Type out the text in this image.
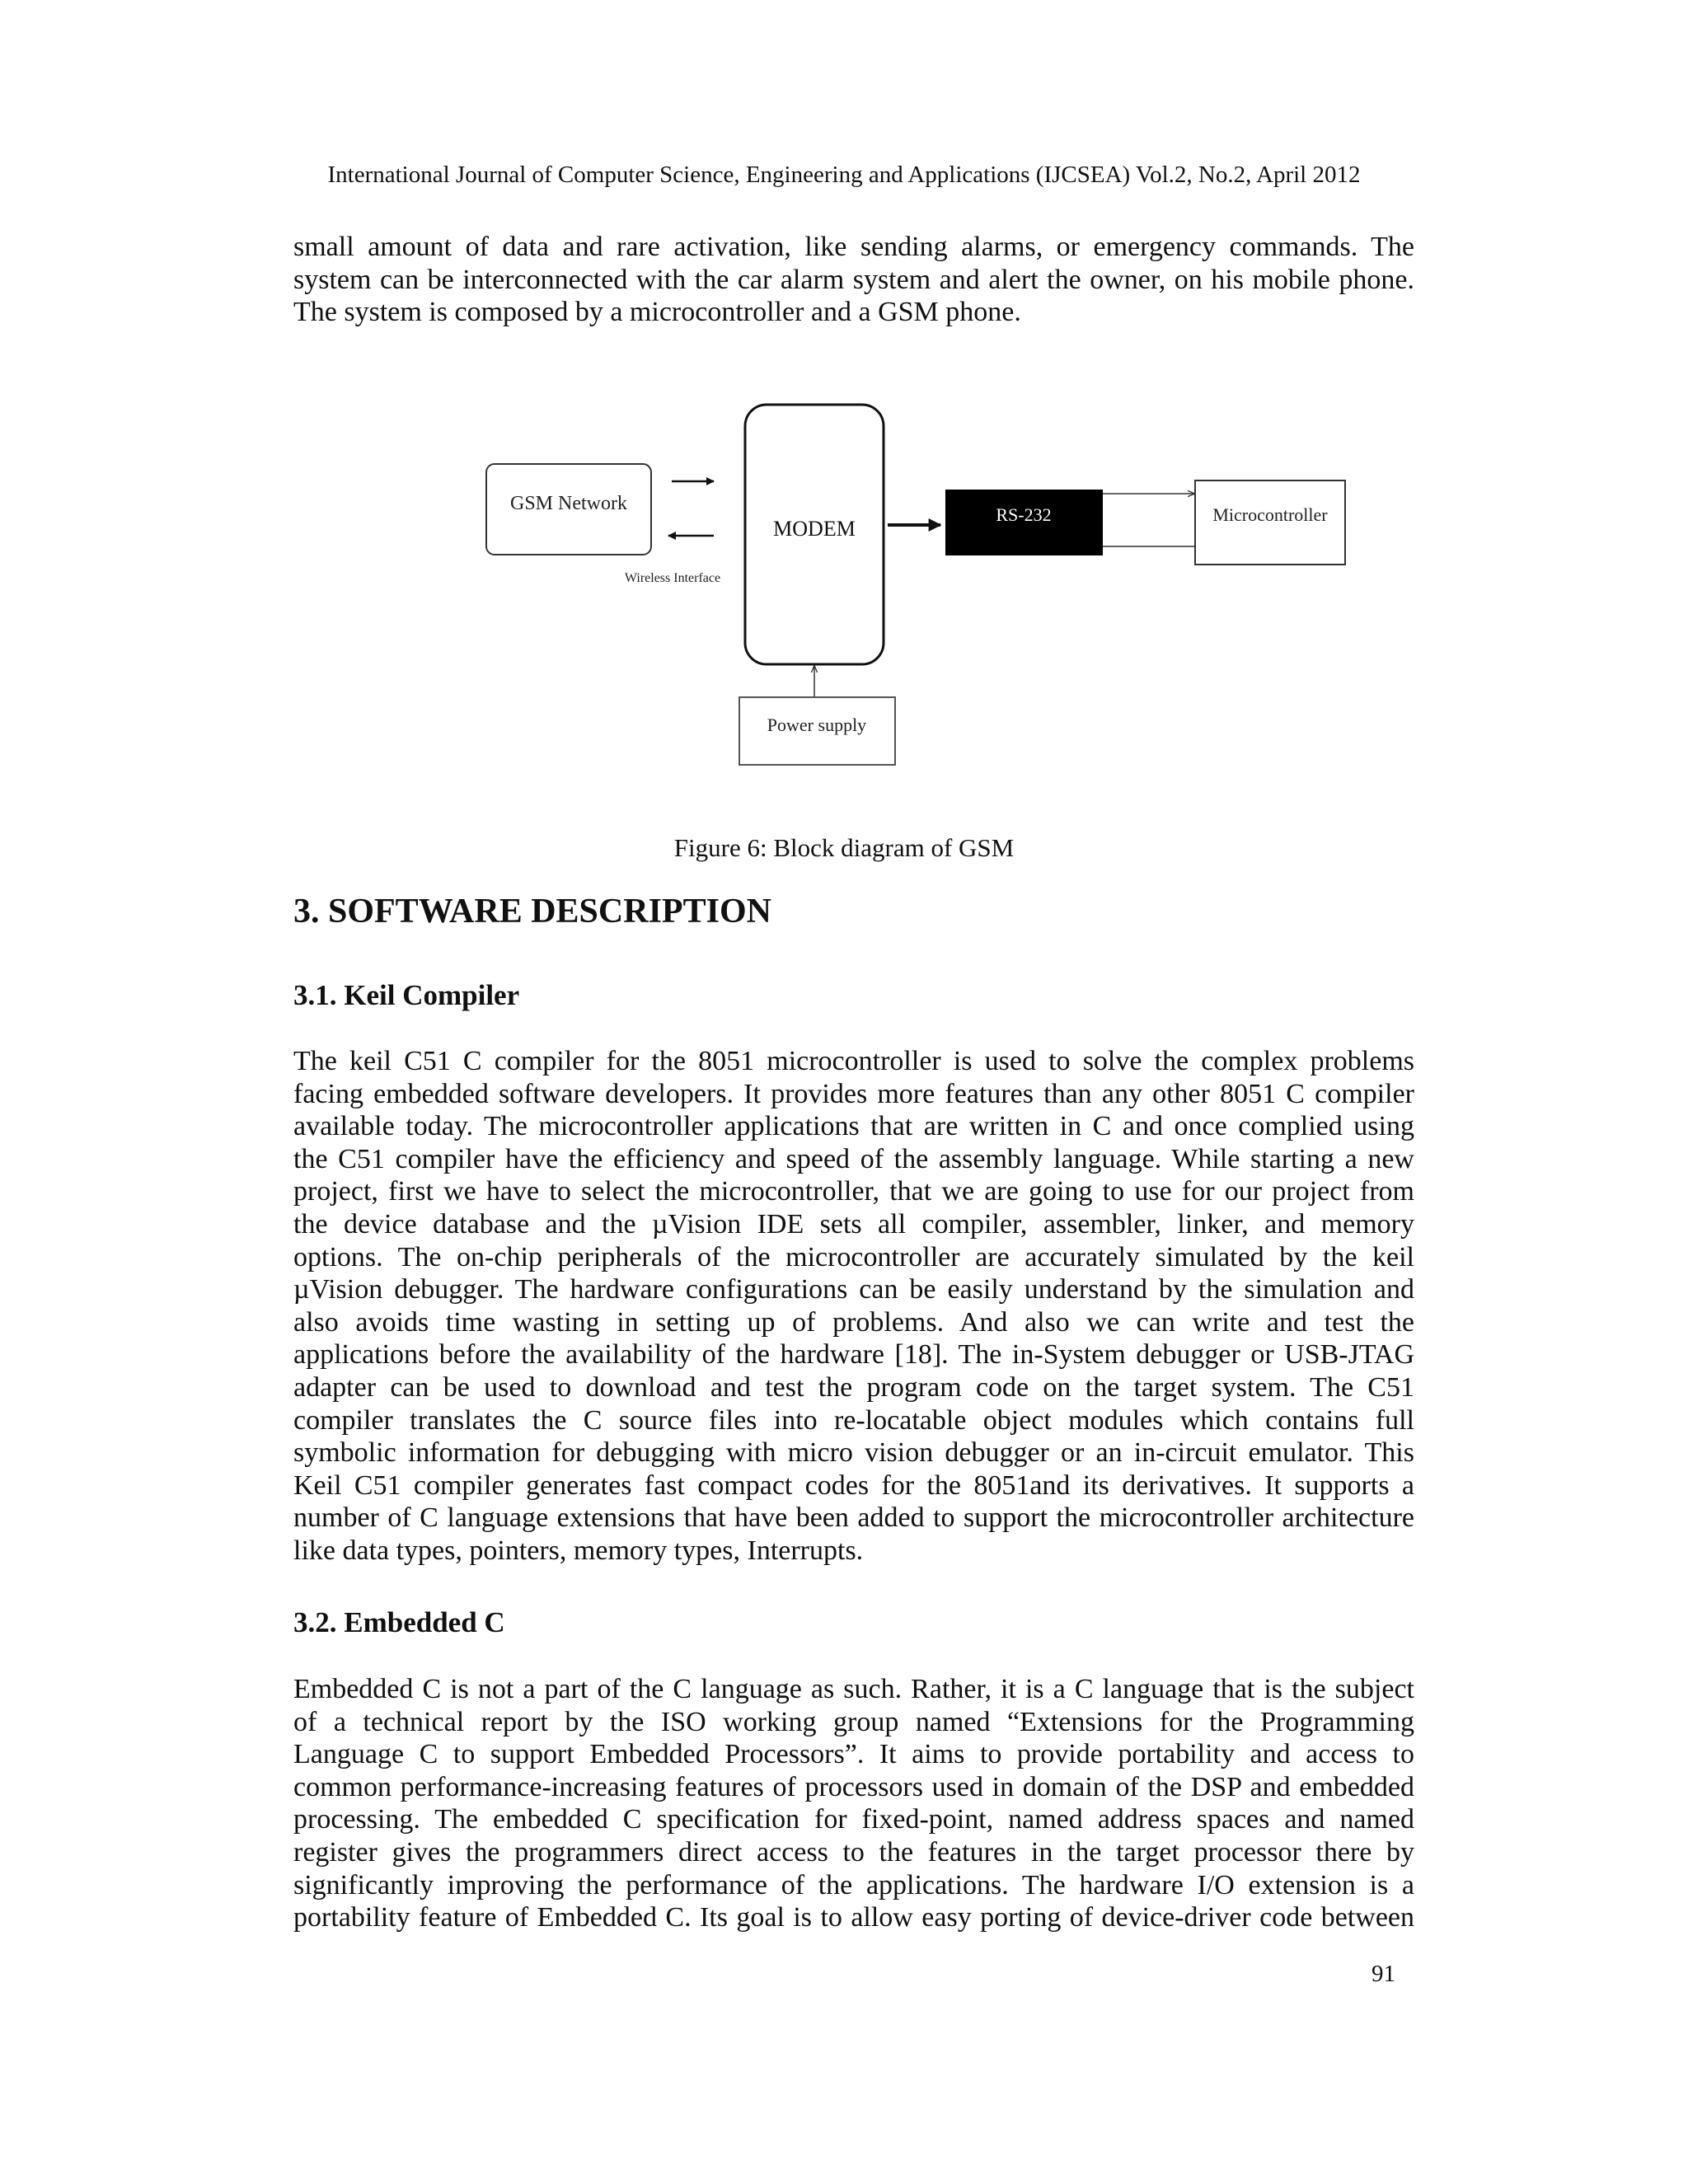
International Journal of Computer Science, Engineering and Applications (IJCSEA) Vol.2, No.2, April 2012
small amount of data and rare activation, like sending alarms, or emergency commands. The
system can be interconnected with the car alarm system and alert the owner, on his mobile phone.
The system is composed by a microcontroller and a GSM phone.
GSM Network
Wireless Interface
MODEM
RS-232	Microcontroller
Power supply
Figure 6: Block diagram of GSM
3. SOFTWARE DESCRIPTION
3.1. Keil Compiler
The keil C51 C compiler for the 8051 microcontroller is used to solve the complex problems
facing embedded software developers. It provides more features than any other 8051 C compiler
available today. The microcontroller applications that are written in C and once complied using
the C51 compiler have the efficiency and speed of the assembly language. While starting a new
project, first we have to select the microcontroller, that we are going to use for our project from
the device database and the µVision IDE sets all compiler, assembler, linker, and memory
options. The on-chip peripherals of the microcontroller are accurately simulated by the keil
µVision debugger. The hardware configurations can be easily understand by the simulation and
also avoids time wasting in setting up of problems. And also we can write and test the
applications before the availability of the hardware [18]. The in-System debugger or USB-JTAG
adapter can be used to download and test the program code on the target system. The C51
compiler translates the C source files into re-locatable object modules which contains full
symbolic information for debugging with micro vision debugger or an in-circuit emulator. This
Keil C51 compiler generates fast compact codes for the 8051and its derivatives. It supports a
number of C language extensions that have been added to support the microcontroller architecture
like data types, pointers, memory types, Interrupts.
3.2. Embedded C
Embedded C is not a part of the C language as such. Rather, it is a C language that is the subject
of a technical report by the ISO working group named “Extensions for the Programming
Language C to support Embedded Processors”. It aims to provide portability and access to
common performance-increasing features of processors used in domain of the DSP and embedded
processing. The embedded C specification for fixed-point, named address spaces and named
register gives the programmers direct access to the features in the target processor there by
significantly improving the performance of the applications. The hardware I/O extension is a
portability feature of Embedded C. Its goal is to allow easy porting of device-driver code between
91
